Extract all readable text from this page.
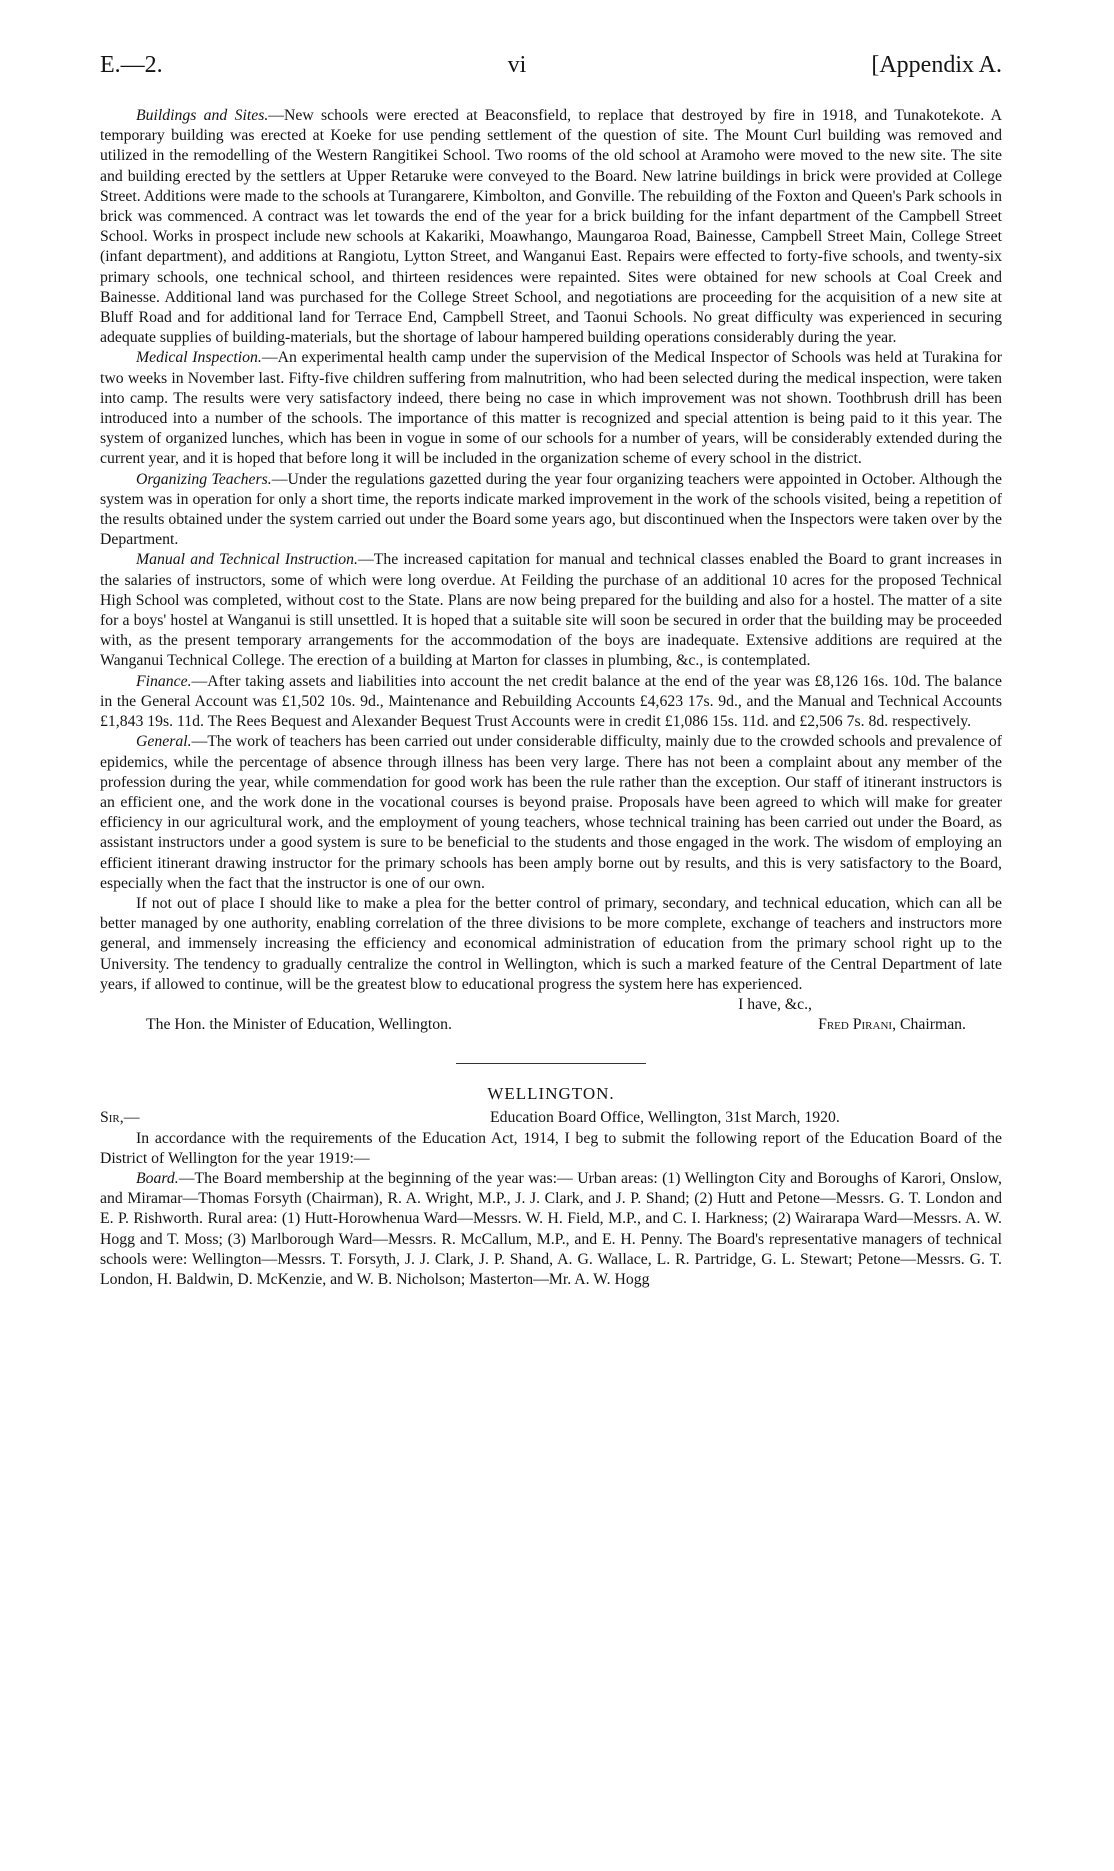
E.—2.	vi	[Appendix A.

Buildings and Sites.—New schools were erected at Beaconsfield, to replace that destroyed by fire in 1918, and Tunakotekote. A temporary building was erected at Koeke for use pending settlement of the question of site. The Mount Curl building was removed and utilized in the remodelling of the Western Rangitikei School. Two rooms of the old school at Aramoho were moved to the new site. The site and building erected by the settlers at Upper Retaruke were conveyed to the Board. New latrine buildings in brick were provided at College Street. Additions were made to the schools at Turangarere, Kimbolton, and Gonville. The rebuilding of the Foxton and Queen's Park schools in brick was commenced. A contract was let towards the end of the year for a brick building for the infant department of the Campbell Street School. Works in prospect include new schools at Kakariki, Moawhango, Maungaroa Road, Bainesse, Campbell Street Main, College Street (infant department), and additions at Rangiotu, Lytton Street, and Wanganui East. Repairs were effected to forty-five schools, and twenty-six primary schools, one technical school, and thirteen residences were repainted. Sites were obtained for new schools at Coal Creek and Bainesse. Additional land was purchased for the College Street School, and negotiations are proceeding for the acquisition of a new site at Bluff Road and for additional land for Terrace End, Campbell Street, and Taonui Schools. No great difficulty was experienced in securing adequate supplies of building-materials, but the shortage of labour hampered building operations considerably during the year.

Medical Inspection.—An experimental health camp under the supervision of the Medical Inspector of Schools was held at Turakina for two weeks in November last. Fifty-five children suffering from malnutrition, who had been selected during the medical inspection, were taken into camp. The results were very satisfactory indeed, there being no case in which improvement was not shown. Toothbrush drill has been introduced into a number of the schools. The importance of this matter is recognized and special attention is being paid to it this year. The system of organized lunches, which has been in vogue in some of our schools for a number of years, will be considerably extended during the current year, and it is hoped that before long it will be included in the organization scheme of every school in the district.

Organizing Teachers.—Under the regulations gazetted during the year four organizing teachers were appointed in October. Although the system was in operation for only a short time, the reports indicate marked improvement in the work of the schools visited, being a repetition of the results obtained under the system carried out under the Board some years ago, but discontinued when the Inspectors were taken over by the Department.

Manual and Technical Instruction.—The increased capitation for manual and technical classes enabled the Board to grant increases in the salaries of instructors, some of which were long overdue. At Feilding the purchase of an additional 10 acres for the proposed Technical High School was completed, without cost to the State. Plans are now being prepared for the building and also for a hostel. The matter of a site for a boys' hostel at Wanganui is still unsettled. It is hoped that a suitable site will soon be secured in order that the building may be proceeded with, as the present temporary arrangements for the accommodation of the boys are inadequate. Extensive additions are required at the Wanganui Technical College. The erection of a building at Marton for classes in plumbing, &c., is contemplated.

Finance.—After taking assets and liabilities into account the net credit balance at the end of the year was £8,126 16s. 10d. The balance in the General Account was £1,502 10s. 9d., Maintenance and Rebuilding Accounts £4,623 17s. 9d., and the Manual and Technical Accounts £1,843 19s. 11d. The Rees Bequest and Alexander Bequest Trust Accounts were in credit £1,086 15s. 11d. and £2,506 7s. 8d. respectively.

General.—The work of teachers has been carried out under considerable difficulty, mainly due to the crowded schools and prevalence of epidemics, while the percentage of absence through illness has been very large. There has not been a complaint about any member of the profession during the year, while commendation for good work has been the rule rather than the exception. Our staff of itinerant instructors is an efficient one, and the work done in the vocational courses is beyond praise. Proposals have been agreed to which will make for greater efficiency in our agricultural work, and the employment of young teachers, whose technical training has been carried out under the Board, as assistant instructors under a good system is sure to be beneficial to the students and those engaged in the work. The wisdom of employing an efficient itinerant drawing instructor for the primary schools has been amply borne out by results, and this is very satisfactory to the Board, especially when the fact that the instructor is one of our own.

If not out of place I should like to make a plea for the better control of primary, secondary, and technical education, which can all be better managed by one authority, enabling correlation of the three divisions to be more complete, exchange of teachers and instructors more general, and immensely increasing the efficiency and economical administration of education from the primary school right up to the University. The tendency to gradually centralize the control in Wellington, which is such a marked feature of the Central Department of late years, if allowed to continue, will be the greatest blow to educational progress the system here has experienced.

I have, &c.,
The Hon. the Minister of Education, Wellington.	Fred Pirani, Chairman.
WELLINGTON.
Sir,—	Education Board Office, Wellington, 31st March, 1920.

In accordance with the requirements of the Education Act, 1914, I beg to submit the following report of the Education Board of the District of Wellington for the year 1919:—

Board.—The Board membership at the beginning of the year was:— Urban areas: (1) Wellington City and Boroughs of Karori, Onslow, and Miramar—Thomas Forsyth (Chairman), R. A. Wright, M.P., J. J. Clark, and J. P. Shand; (2) Hutt and Petone—Messrs. G. T. London and E. P. Rishworth. Rural area: (1) Hutt-Horowhenua Ward—Messrs. W. H. Field, M.P., and C. I. Harkness; (2) Wairarapa Ward—Messrs. A. W. Hogg and T. Moss; (3) Marlborough Ward—Messrs. R. McCallum, M.P., and E. H. Penny. The Board's representative managers of technical schools were: Wellington—Messrs. T. Forsyth, J. J. Clark, J. P. Shand, A. G. Wallace, L. R. Partridge, G. L. Stewart; Petone—Messrs. G. T. London, H. Baldwin, D. McKenzie, and W. B. Nicholson; Masterton—Mr. A. W. Hogg
